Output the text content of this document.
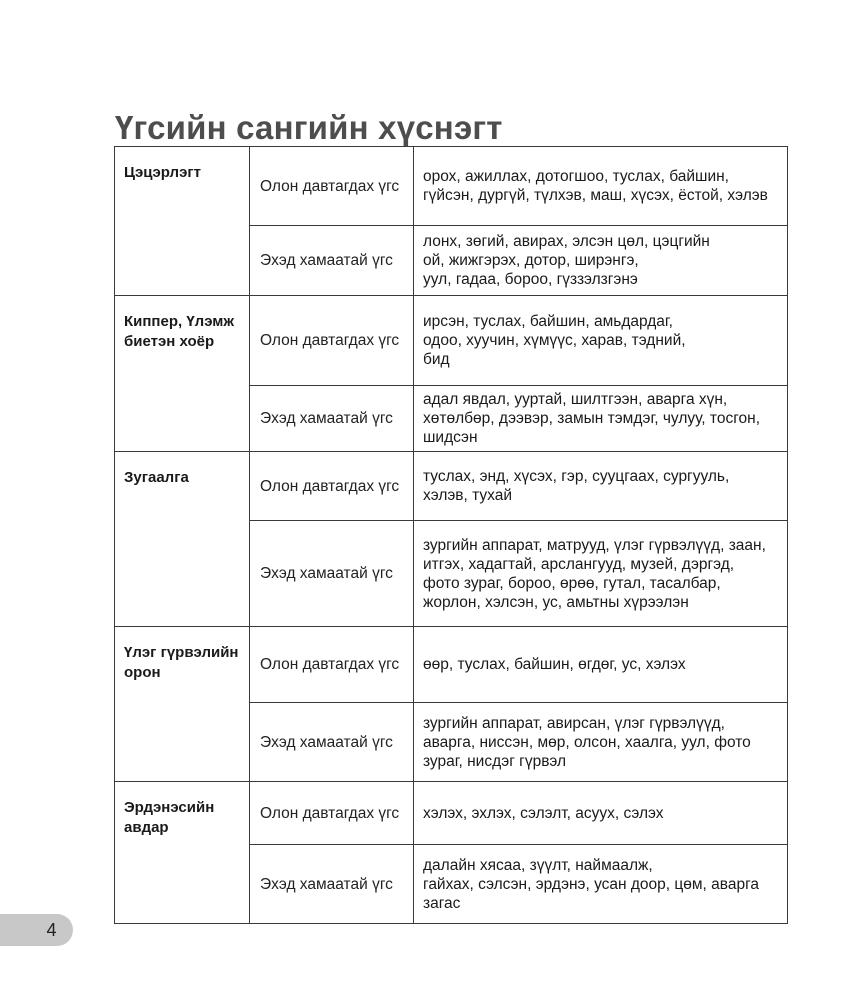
Үгсийн сангийн хүснэгт
Цэцэрлэгт	Олон давтагдах үгс	орох, ажиллах, дотогшоо, туслах, байшин,
гүйсэн, дургүй, түлхэв, маш, хүсэх, ёстой, хэлэв

	Эхэд хамаатай үгс	лонх, зөгий, авирах, элсэн цөл, цэцгийн
ой, жижгэрэх, дотор, ширэнгэ,
уул, гадаа, бороо, гүззэлзгэнэ

Киппер, Үлэмж биетэн хоёр	Олон давтагдах үгс	ирсэн, туслах, байшин, амьдардаг,
одоо, хуучин, хүмүүс, харав, тэдний,
бид

	Эхэд хамаатай үгс	адал явдал, ууртай, шилтгээн, аварга хүн,
хөтөлбөр, дээвэр, замын тэмдэг, чулуу, тосгон,
шидсэн

Зугаалга	Олон давтагдах үгс	туслах, энд, хүсэх, гэр, сууцгаах, сургууль,
хэлэв, тухай

	Эхэд хамаатай үгс	зургийн аппарат, матрууд, үлэг гүрвэлүүд, заан,
итгэх, хадагтай, арслангууд, музей, дэргэд,
фото зураг, бороо, өрөө, гутал, тасалбар,
жорлон, хэлсэн, ус, амьтны хүрээлэн

Үлэг гүрвэлийн орон	Олон давтагдах үгс	өөр, туслах, байшин, өгдөг, ус, хэлэх

	Эхэд хамаатай үгс	зургийн аппарат, авирсан, үлэг гүрвэлүүд,
аварга, ниссэн, мөр, олсон, хаалга, уул, фото
зураг, нисдэг гүрвэл

Эрдэнэсийн авдар	Олон давтагдах үгс	хэлэх, эхлэх, сэлэлт, асуух, сэлэх

	Эхэд хамаатай үгс	далайн хясаа, зүүлт, наймаалж,
гайхах, сэлсэн, эрдэнэ, усан доор, цөм, аварга
загас
4
